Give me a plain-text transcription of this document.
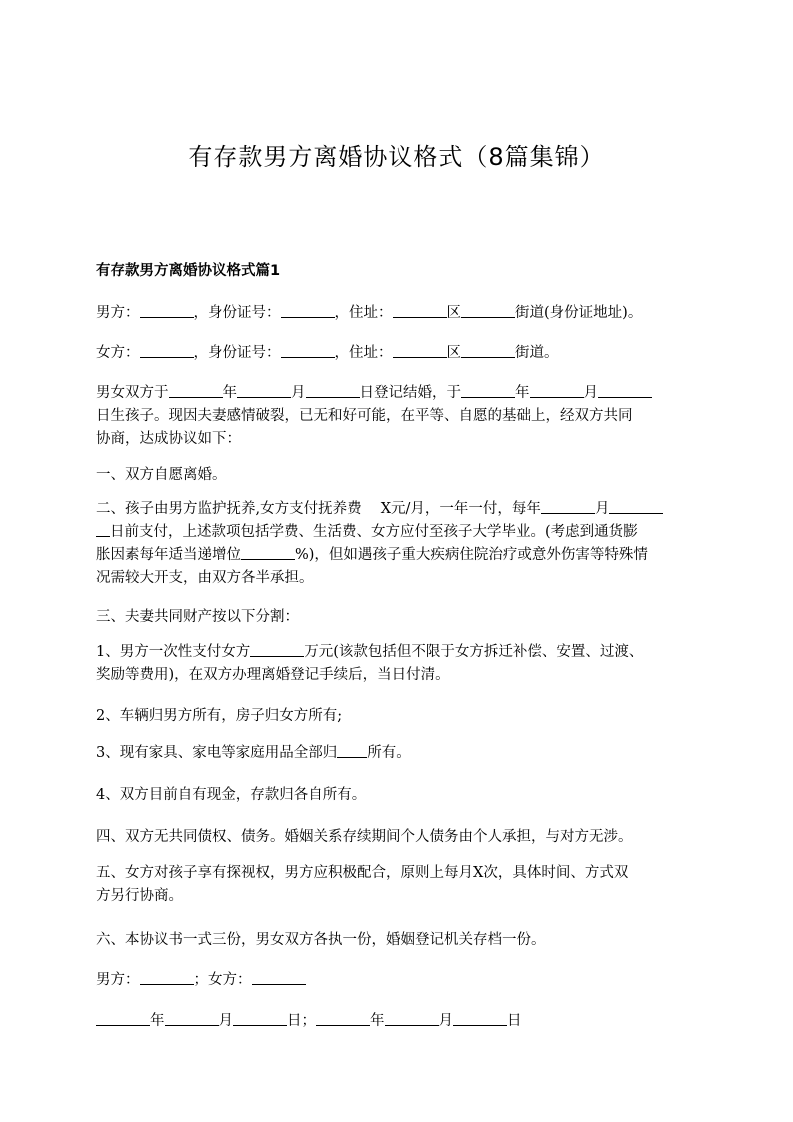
有存款男方离婚协议格式（8篇集锦）
有存款男方离婚协议格式篇1
男方：	，身份证号：	，住址：	区	街道(身份证地址)。
女方：	，身份证号：	，住址：	区	街道。
男女双方于	年	月	日登记结婚，于	年	月
日生孩子。现因夫妻感情破裂，已无和好可能，在平等、自愿的基础上，经双方共同
协商，达成协议如下：
一、双方自愿离婚。
二、孩子由男方监护抚养,女方支付抚养费　 X元/月，一年一付，每年	月
日前支付，上述款项包括学费、生活费、女方应付至孩子大学毕业。(考虑到通货膨
胀因素每年适当递增位	%)，但如遇孩子重大疾病住院治疗或意外伤害等特殊情
况需较大开支，由双方各半承担。
三、夫妻共同财产按以下分割：
1、男方一次性支付女方	万元(该款包括但不限于女方拆迁补偿、安置、过渡、
奖励等费用)，在双方办理离婚登记手续后，当日付清。
2、车辆归男方所有，房子归女方所有;
3、现有家具、家电等家庭用品全部归 所有。
4、双方目前自有现金，存款归各自所有。
四、双方无共同债权、债务。婚姻关系存续期间个人债务由个人承担，与对方无涉。
五、女方对孩子享有探视权，男方应积极配合，原则上每月X次，具体时间、方式双
方另行协商。
六、本协议书一式三份，男女双方各执一份，婚姻登记机关存档一份。
男方：	；女方：
年	月	日；	年	月	日
